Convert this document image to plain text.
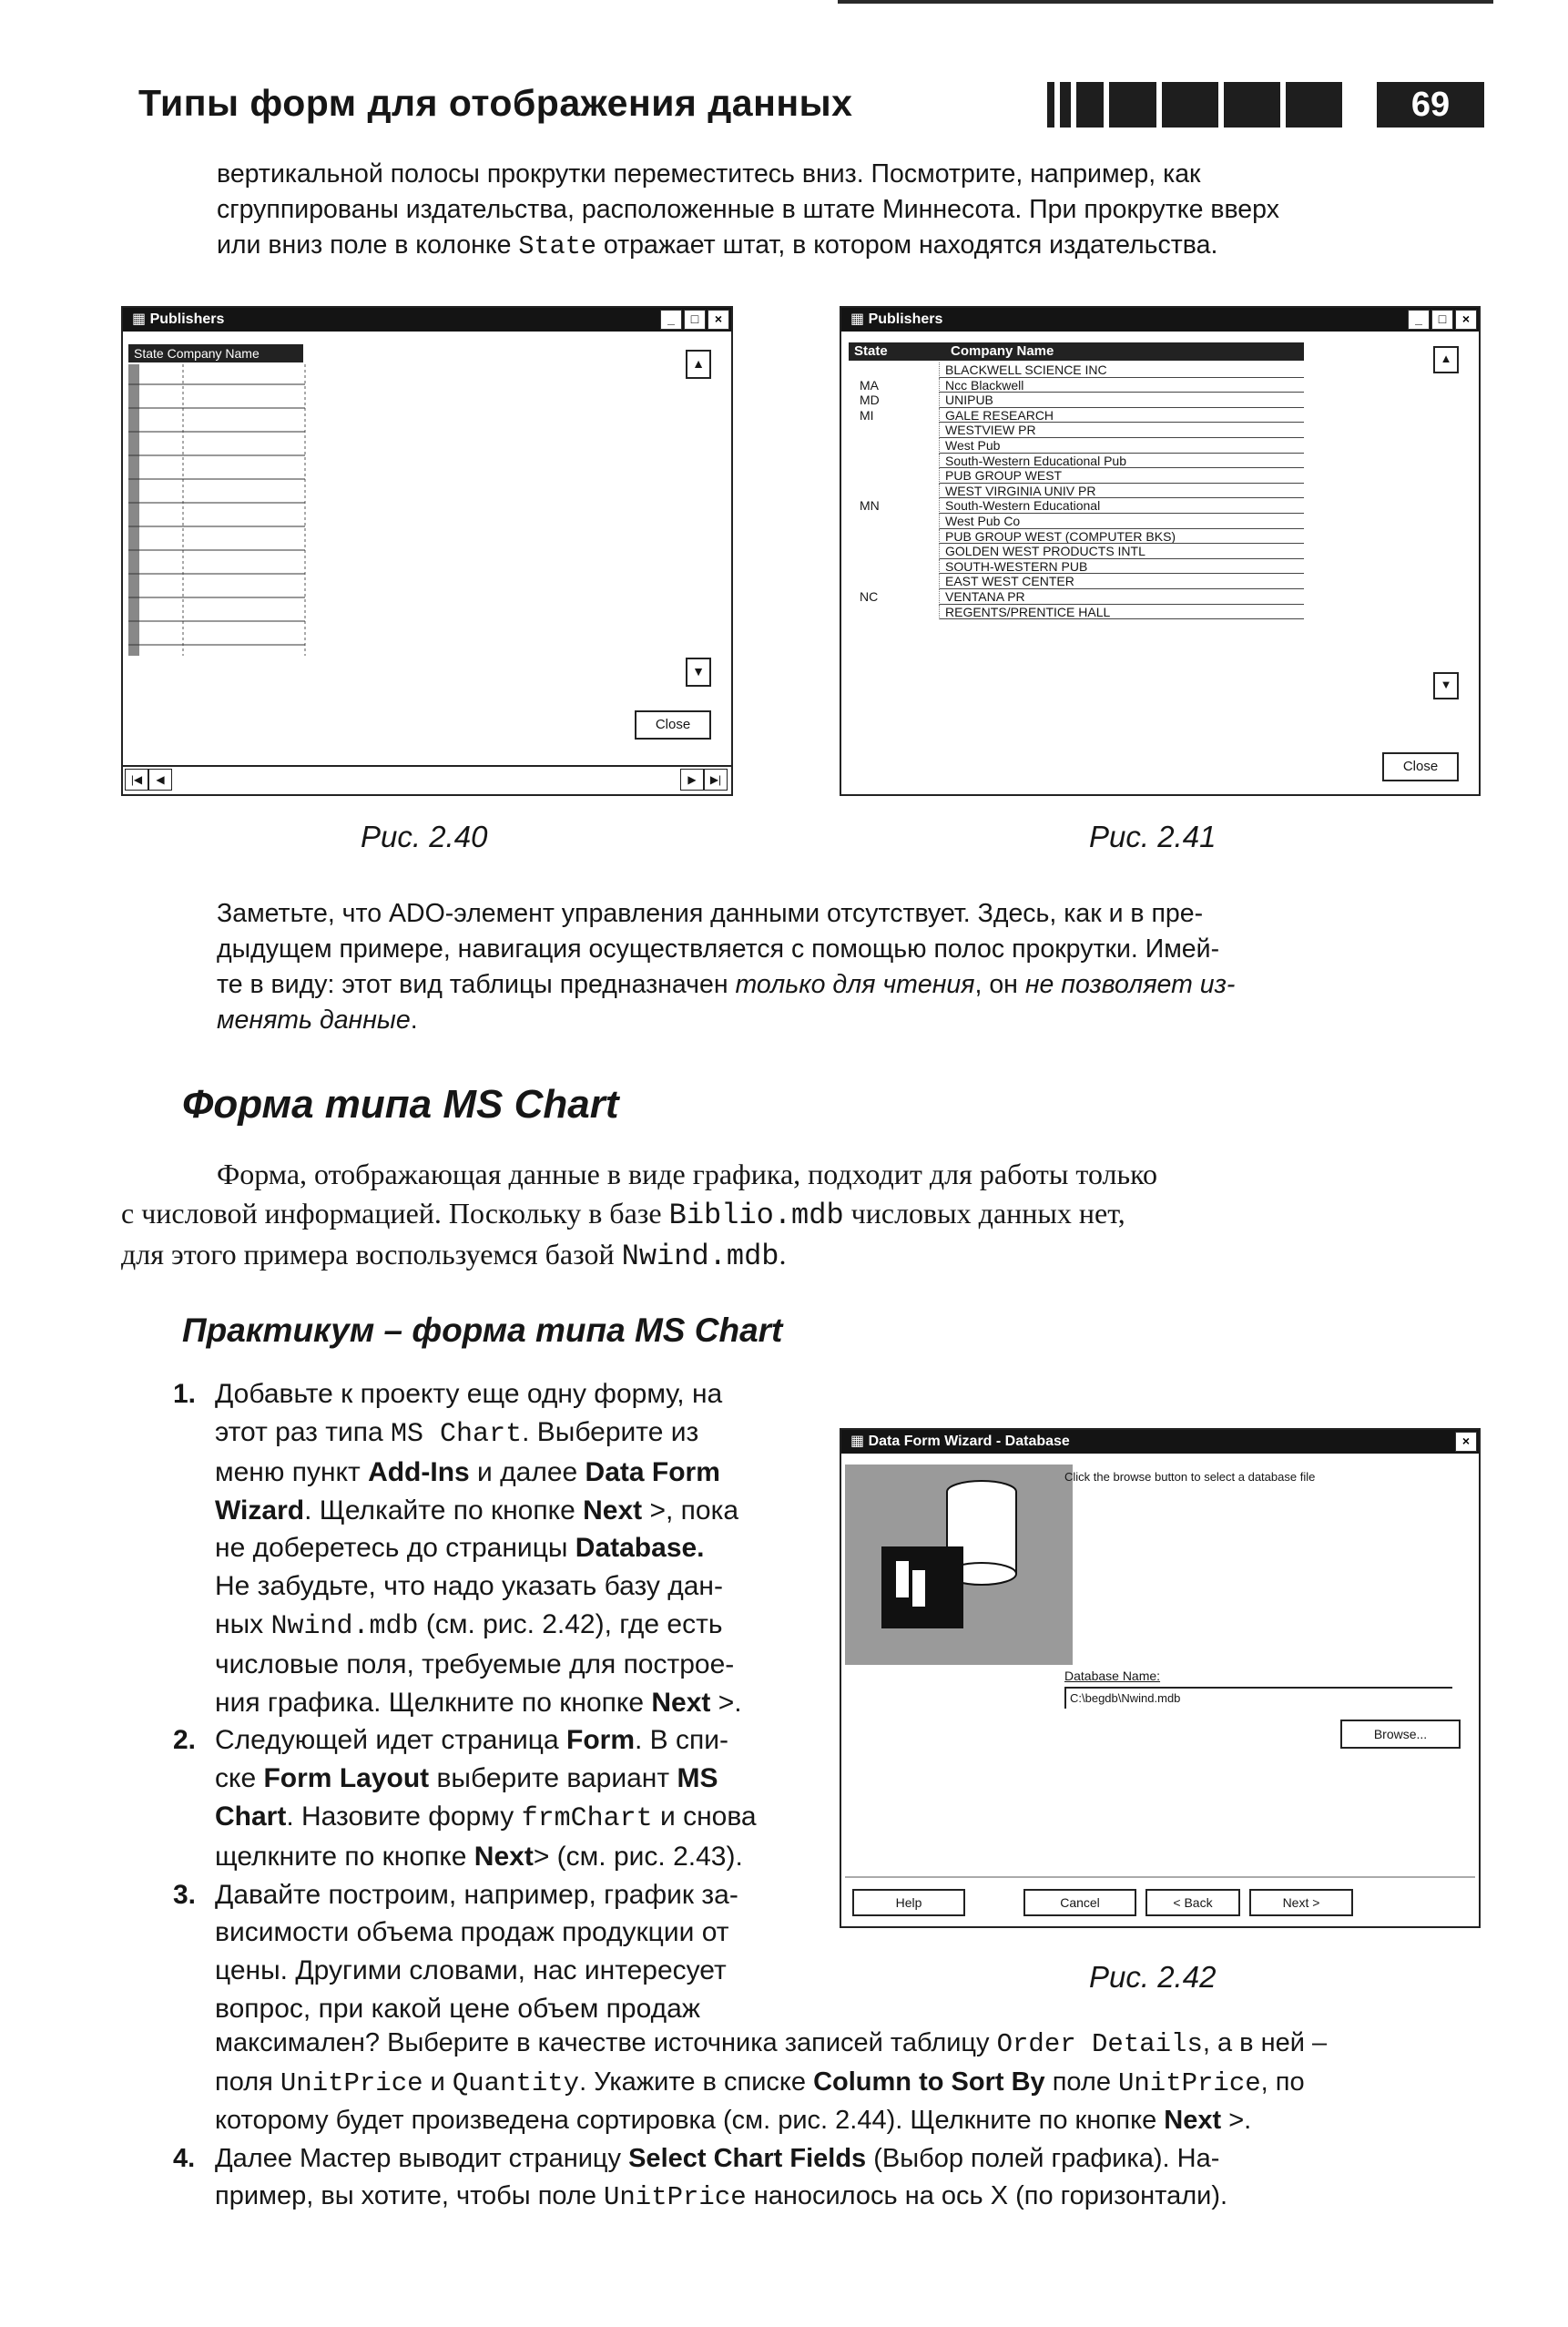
Типы форм для отображения данных	69
вертикальной полосы прокрутки переместитесь вниз. Посмотрите, например, как
сгруппированы издательства, расположенные в штате Миннесота. При прокрутке вверх
или вниз поле в колонке State отражает штат, в котором находятся издательства.
▦ Publishers	_	□	×
State Company Name
▲
▼
Close
|◀	◀	▶	▶|
Рис. 2.40
▦ Publishers	_	□	×
State	Company Name
BLACKWELL SCIENCE INC
MA	Ncc Blackwell
MD	UNIPUB
MI	GALE RESEARCH
WESTVIEW PR
West Pub
South-Western Educational Pub
PUB GROUP WEST
WEST VIRGINIA UNIV PR
MN	South-Western Educational
West Pub Co
PUB GROUP WEST (COMPUTER BKS)
GOLDEN WEST PRODUCTS INTL
SOUTH-WESTERN PUB
EAST WEST CENTER
NC	VENTANA PR
REGENTS/PRENTICE HALL
▲
▼
Close
Рис. 2.41
Заметьте, что ADO-элемент управления данными отсутствует. Здесь, как и в пре-
дыдущем примере, навигация осуществляется с помощью полос прокрутки. Имей-
те в виду: этот вид таблицы предназначен только для чтения, он не позволяет из-
менять данные.
Форма типа MS Chart
Форма, отображающая данные в виде графика, подходит для работы только
с числовой информацией. Поскольку в базе Biblio.mdb числовых данных нет,
для этого примера воспользуемся базой Nwind.mdb.
Практикум – форма типа MS Chart
1. Добавьте к проекту еще одну форму, на
этот раз типа MS Chart. Выберите из
меню пункт Add-Ins и далее Data Form
Wizard. Щелкайте по кнопке Next >, пока
не доберетесь до страницы Database.
Не забудьте, что надо указать базу дан-
ных Nwind.mdb (см. рис. 2.42), где есть
числовые поля, требуемые для построе-
ния графика. Щелкните по кнопке Next >.
2. Следующей идет страница Form. В спи-
ске Form Layout выберите вариант MS
Chart. Назовите форму frmChart и снова
щелкните по кнопке Next> (см. рис. 2.43).
3. Давайте построим, например, график за-
висимости объема продаж продукции от
цены. Другими словами, нас интересует
вопрос, при какой цене объем продаж
максимален? Выберите в качестве источника записей таблицу Order Details, а в ней –
поля UnitPrice и Quantity. Укажите в списке Column to Sort By поле UnitPrice, по
которому будет произведена сортировка (см. рис. 2.44). Щелкните по кнопке Next >.
4. Далее Мастер выводит страницу Select Chart Fields (Выбор полей графика). На-
пример, вы хотите, чтобы поле UnitPrice наносилось на ось X (по горизонтали).
▦ Data Form Wizard - Database	×
Click the browse button to select a database file
Database Name:
C:\begdb\Nwind.mdb
Browse...
Help	Cancel	< Back	Next >
Рис. 2.42
